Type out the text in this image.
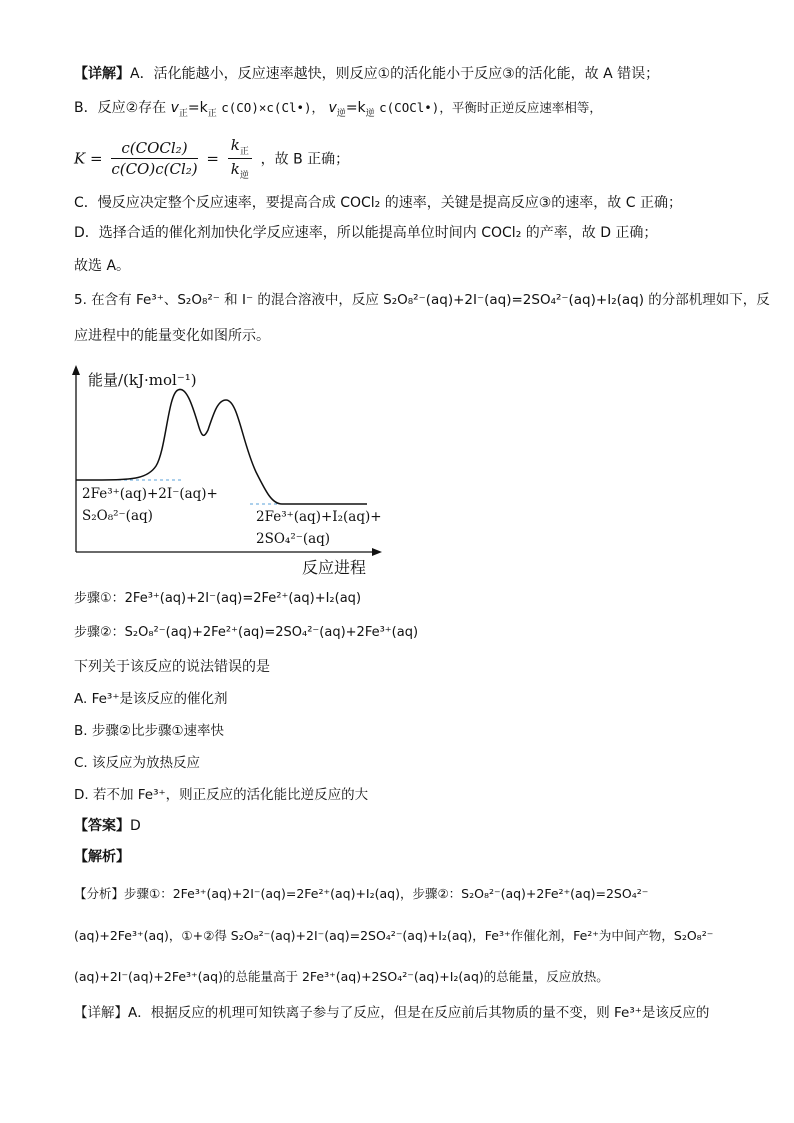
【详解】A．活化能越小，反应速率越快，则反应①的活化能小于反应③的活化能，故 A 错误；
B．反应②存在 $v_正=k_正$ c(CO)×c(Cl•)， $v_逆=k_逆$ c(COCl•)，平衡时正逆反应速率相等，
$K = \frac{\text{c(COCl₂)}}{\text{c(CO)c(Cl₂)}} = \frac{k_正}{k_逆}$ ，故 B 正确；
C．慢反应决定整个反应速率，要提高合成 COCl₂ 的速率，关键是提高反应③的速率，故 C 正确；
D．选择合适的催化剂加快化学反应速率，所以能提高单位时间内 COCl₂ 的产率，故 D 正确；
故选 A。
5. 在含有 Fe³⁺、S₂O₈²⁻ 和 I⁻ 的混合溶液中，反应 S₂O₈²⁻(aq)+2I⁻(aq)=2SO₄²⁻(aq)+I₂(aq) 的分部机理如下，反
应进程中的能量变化如图所示。
能量/(kJ·mol⁻¹)
反应进程
2Fe³⁺(aq)+2I⁻(aq)+
S₂O₈²⁻(aq)	2Fe³⁺(aq)+I₂(aq)+
2SO₄²⁻(aq)
步骤①：2Fe³⁺(aq)+2I⁻(aq)=2Fe²⁺(aq)+I₂(aq)
步骤②：S₂O₈²⁻(aq)+2Fe²⁺(aq)=2SO₄²⁻(aq)+2Fe³⁺(aq)
下列关于该反应的说法错误的是
A. Fe³⁺是该反应的催化剂
B. 步骤②比步骤①速率快
C. 该反应为放热反应
D. 若不加 Fe³⁺，则正反应的活化能比逆反应的大
【答案】D
【解析】
【分析】步骤①：2Fe³⁺(aq)+2I⁻(aq)=2Fe²⁺(aq)+I₂(aq)，步骤②：S₂O₈²⁻(aq)+2Fe²⁺(aq)=2SO₄²⁻
(aq)+2Fe³⁺(aq)，①+②得 S₂O₈²⁻(aq)+2I⁻(aq)=2SO₄²⁻(aq)+I₂(aq)，Fe³⁺作催化剂，Fe²⁺为中间产物，S₂O₈²⁻
(aq)+2I⁻(aq)+2Fe³⁺(aq)的总能量高于 2Fe³⁺(aq)+2SO₄²⁻(aq)+I₂(aq)的总能量，反应放热。
【详解】A．根据反应的机理可知铁离子参与了反应，但是在反应前后其物质的量不变，则 Fe³⁺是该反应的
